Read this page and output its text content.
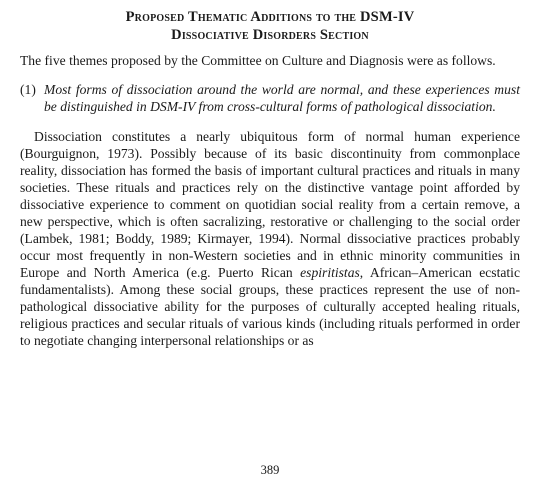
Proposed Thematic Additions to the DSM-IV
Dissociative Disorders Section

The five themes proposed by the Committee on Culture and Diagnosis were as follows.

(1) Most forms of dissociation around the world are normal, and these experiences must be distinguished in DSM-IV from cross-cultural forms of pathological dissociation.

Dissociation constitutes a nearly ubiquitous form of normal human experience (Bourguignon, 1973). Possibly because of its basic discontinuity from commonplace reality, dissociation has formed the basis of important cultural practices and rituals in many societies. These rituals and practices rely on the distinctive vantage point afforded by dissociative experience to comment on quotidian social reality from a certain remove, a new perspective, which is often sacralizing, restorative or challenging to the social order (Lambek, 1981; Boddy, 1989; Kirmayer, 1994). Normal dissociative practices probably occur most frequently in non-Western societies and in ethnic minority communities in Europe and North America (e.g. Puerto Rican espiritistas, African–American ecstatic fundamentalists). Among these social groups, these practices represent the use of non-pathological dissociative ability for the purposes of culturally accepted healing rituals, religious practices and secular rituals of various kinds (including rituals performed in order to negotiate changing interpersonal relationships or as

389
